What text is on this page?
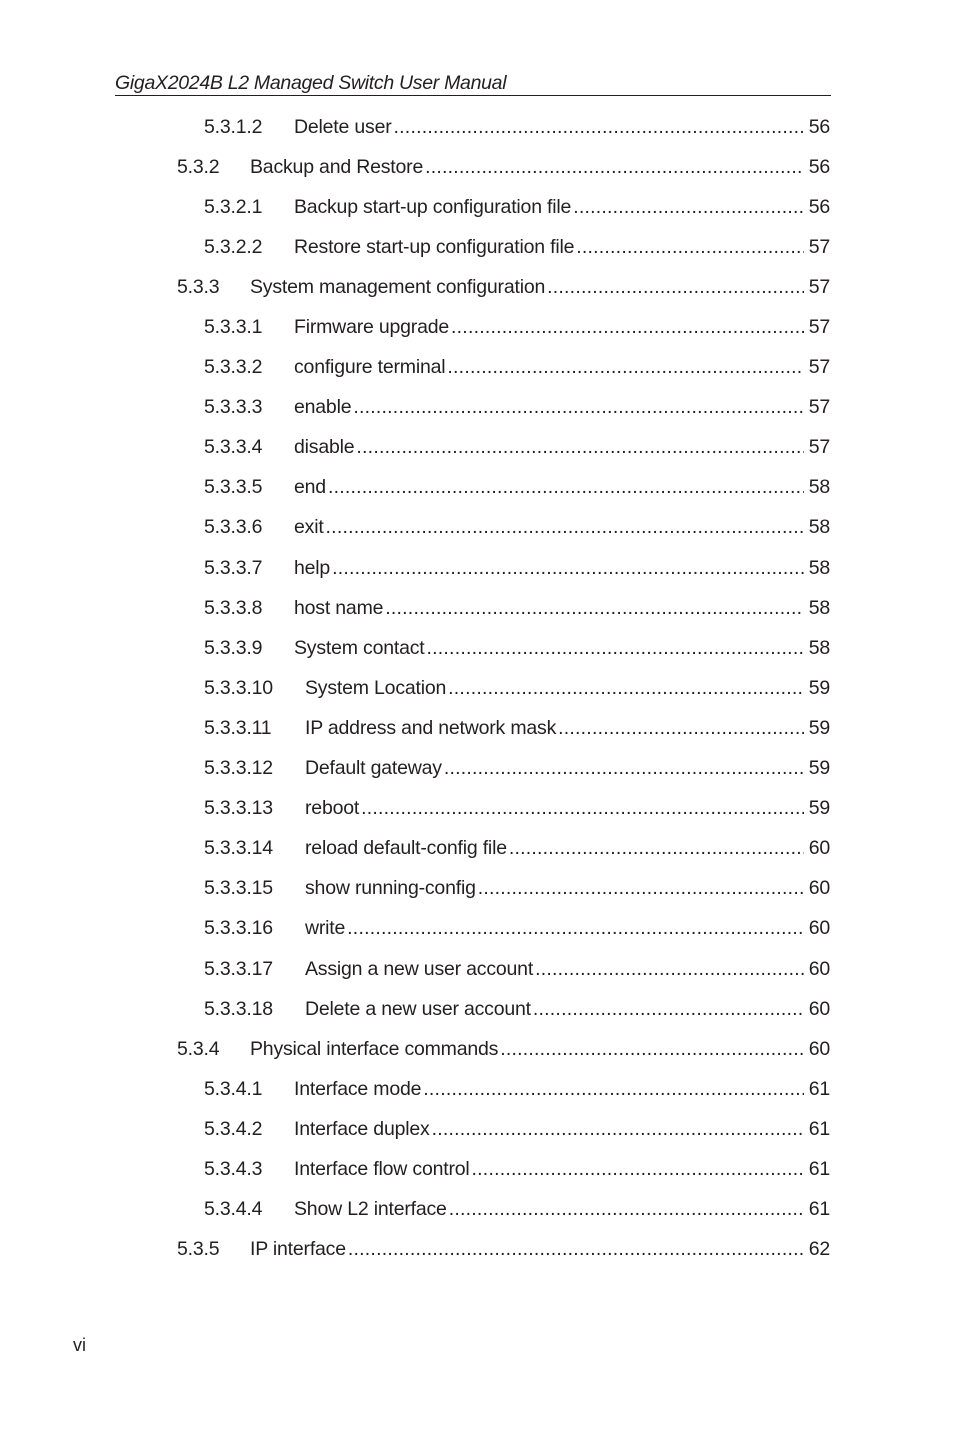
GigaX2024B L2 Managed Switch User Manual
5.3.1.2 Delete user . . .	56
5.3.2 Backup and Restore . . .	56
5.3.2.1 Backup start-up configuration file . . .	56
5.3.2.2 Restore start-up configuration file . . .	57
5.3.3 System management configuration . . .	57
5.3.3.1 Firmware upgrade . . .	57
5.3.3.2 configure terminal . . .	57
5.3.3.3 enable . . .	57
5.3.3.4 disable . . .	57
5.3.3.5 end . . .	58
5.3.3.6 exit . . .	58
5.3.3.7 help . . .	58
5.3.3.8 host name . . .	58
5.3.3.9 System contact . . .	58
5.3.3.10 System Location . . .	59
5.3.3.11 IP address and network mask . . .	59
5.3.3.12 Default gateway . . .	59
5.3.3.13 reboot . . .	59
5.3.3.14 reload default-config file . . .	60
5.3.3.15 show running-config . . .	60
5.3.3.16 write . . .	60
5.3.3.17 Assign a new user account . . .	60
5.3.3.18 Delete a new user account . . .	60
5.3.4 Physical interface commands . . .	60
5.3.4.1 Interface mode . . .	61
5.3.4.2 Interface duplex . . .	61
5.3.4.3 Interface flow control . . .	61
5.3.4.4 Show L2 interface . . .	61
5.3.5 IP interface . . .	62
vi
